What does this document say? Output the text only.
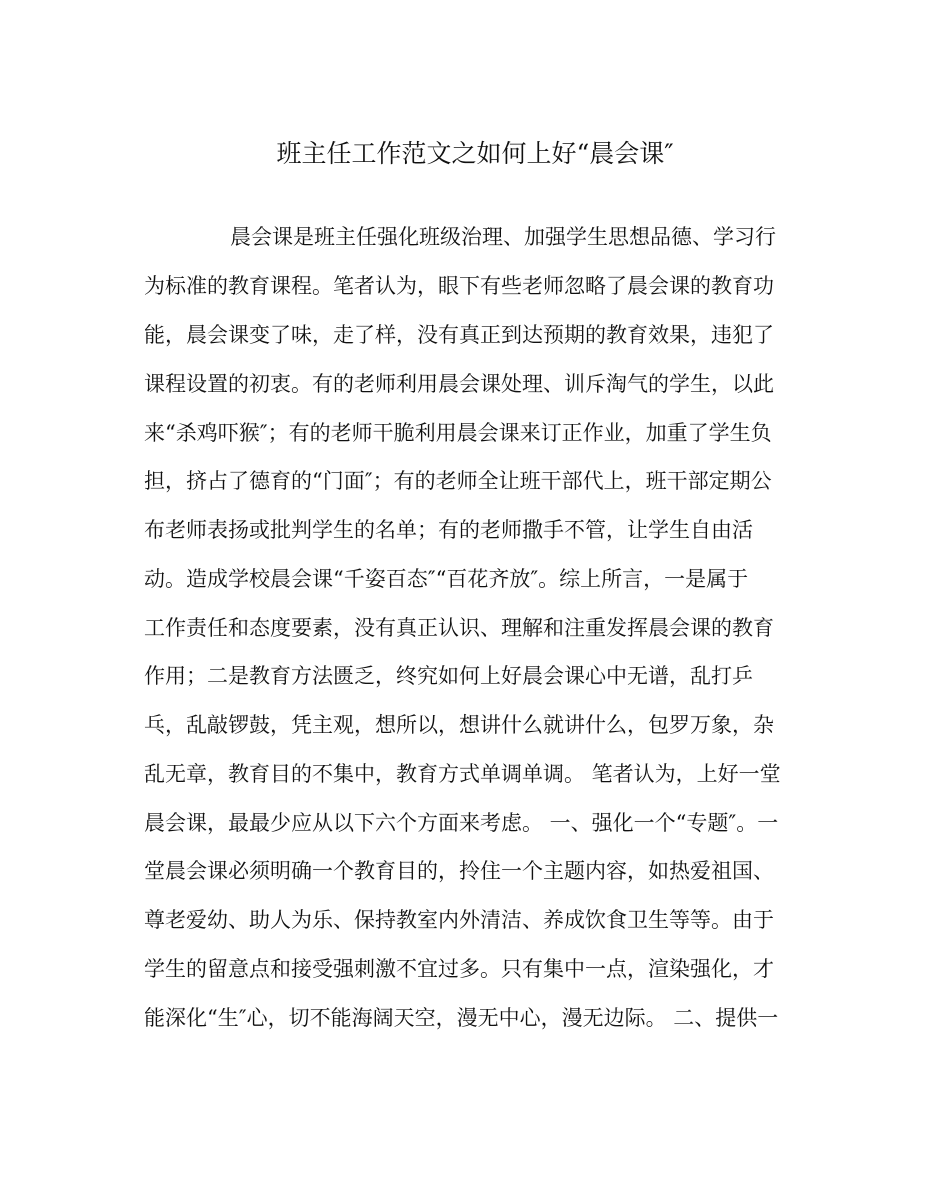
班主任工作范文之如何上好“晨会课″
晨会课是班主任强化班级治理、加强学生思想品德、学习行
为标准的教育课程。笔者认为，眼下有些老师忽略了晨会课的教育功
能，晨会课变了味，走了样，没有真正到达预期的教育效果，违犯了
课程设置的初衷。有的老师利用晨会课处理、训斥淘气的学生，以此
来“杀鸡吓猴″；有的老师干脆利用晨会课来订正作业，加重了学生负
担，挤占了德育的“门面″；有的老师全让班干部代上，班干部定期公
布老师表扬或批判学生的名单；有的老师撒手不管，让学生自由活
动。造成学校晨会课“千姿百态″“百花齐放″。综上所言，一是属于
工作责任和态度要素，没有真正认识、理解和注重发挥晨会课的教育
作用；二是教育方法匮乏，终究如何上好晨会课心中无谱，乱打乒
乓，乱敲锣鼓，凭主观，想所以，想讲什么就讲什么，包罗万象，杂
乱无章，教育目的不集中，教育方式单调单调。 笔者认为，上好一堂
晨会课，最最少应从以下六个方面来考虑。 一、强化一个“专题″。一
堂晨会课必须明确一个教育目的，拎住一个主题内容，如热爱祖国、
尊老爱幼、助人为乐、保持教室内外清洁、养成饮食卫生等等。由于
学生的留意点和接受强刺激不宜过多。只有集中一点，渲染强化，才
能深化“生″心，切不能海阔天空，漫无中心，漫无边际。 二、提供一
